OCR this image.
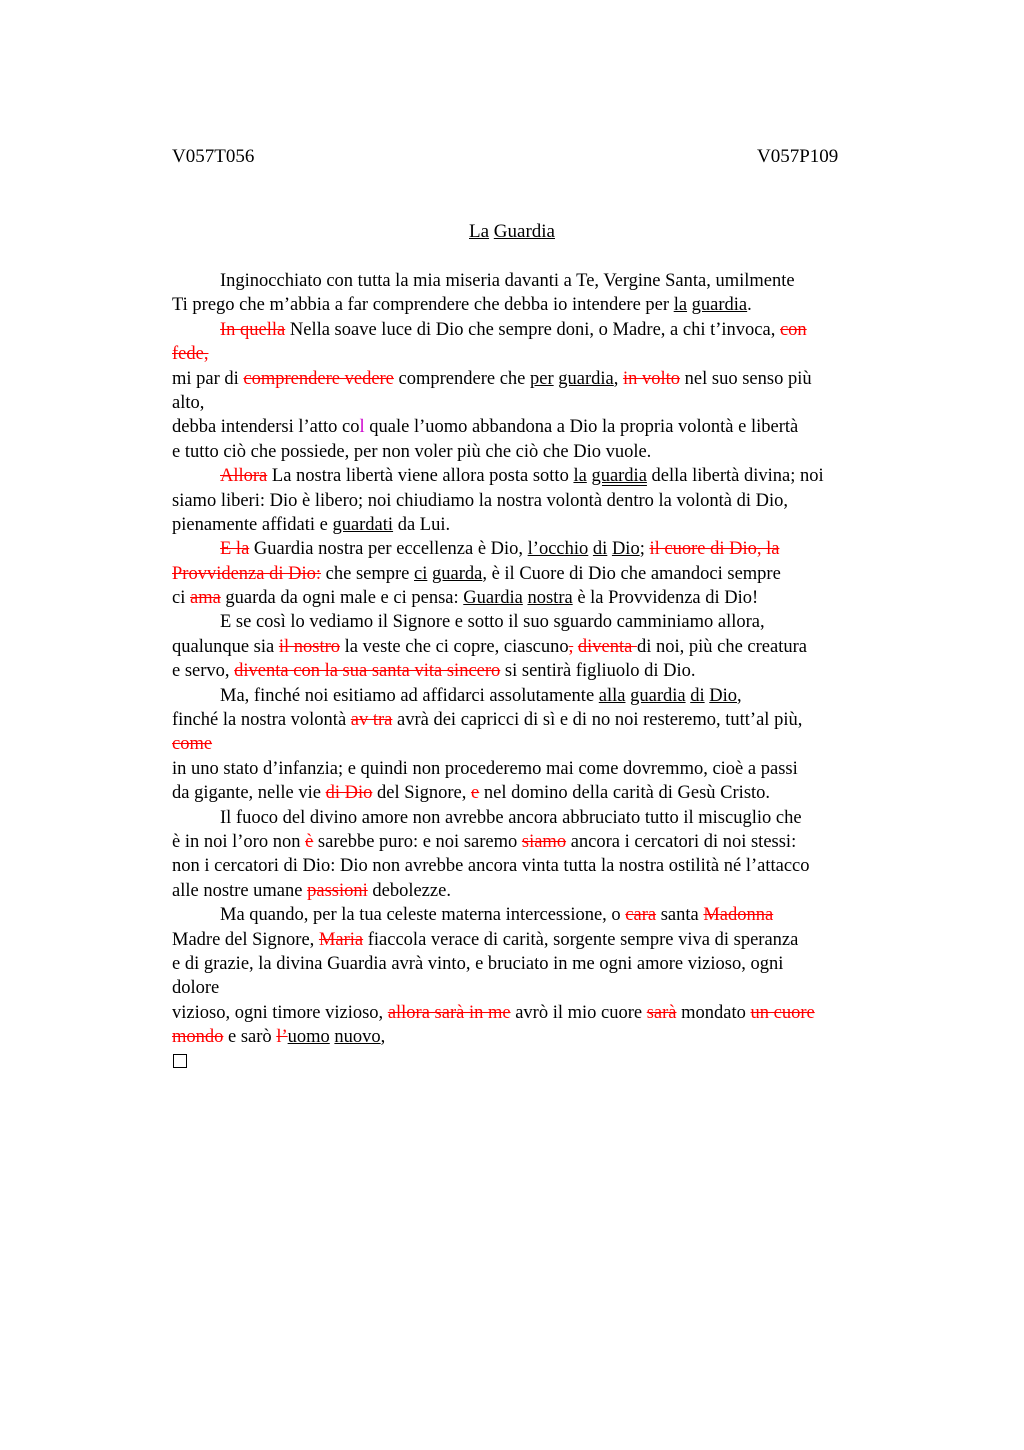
V057T056	V057P109
La Guardia
Inginocchiato con tutta la mia miseria davanti a Te, Vergine Santa, umilmente
Ti prego che m’abbia a far comprendere che debba io intendere per la guardia.
In quella Nella soave luce di Dio che sempre doni, o Madre, a chi t’invoca, con
fede,
mi par di comprendere vedere comprendere che per guardia, in volto nel suo senso più
alto,
debba intendersi l’atto col quale l’uomo abbandona a Dio la propria volontà e libertà
e tutto ciò che possiede, per non voler più che ciò che Dio vuole.
Allora La nostra libertà viene allora posta sotto la guardia della libertà divina; noi
siamo liberi: Dio è libero; noi chiudiamo la nostra volontà dentro la volontà di Dio,
pienamente affidati e guardati da Lui.
E la Guardia nostra per eccellenza è Dio, l’occhio di Dio; il cuore di Dio, la
Provvidenza di Dio: che sempre ci guarda, è il Cuore di Dio che amandoci sempre
ci ama guarda da ogni male e ci pensa: Guardia nostra è la Provvidenza di Dio!
E se così lo vediamo il Signore e sotto il suo sguardo camminiamo allora,
qualunque sia il nostro la veste che ci copre, ciascuno, diventa di noi, più che creatura
e servo, diventa con la sua santa vita sincero si sentirà figliuolo di Dio.
Ma, finché noi esitiamo ad affidarci assolutamente alla guardia di Dio,
finché la nostra volontà av tra avrà dei capricci di sì e di no noi resteremo, tutt’al più,
come
in uno stato d’infanzia; e quindi non procederemo mai come dovremmo, cioè a passi
da gigante, nelle vie di Dio del Signore, e nel domino della carità di Gesù Cristo.
Il fuoco del divino amore non avrebbe ancora abbruciato tutto il miscuglio che
è in noi l’oro non è sarebbe puro: e noi saremo siamo ancora i cercatori di noi stessi:
non i cercatori di Dio: Dio non avrebbe ancora vinta tutta la nostra ostilità né l’attacco
alle nostre umane passioni debolezze.
Ma quando, per la tua celeste materna intercessione, o cara santa Madonna
Madre del Signore, Maria fiaccola verace di carità, sorgente sempre viva di speranza
e di grazie, la divina Guardia avrà vinto, e bruciato in me ogni amore vizioso, ogni
dolore
vizioso, ogni timore vizioso, allora sarà in me avrò il mio cuore sarà mondato un cuore
mondo e sarò l’uomo nuovo,
